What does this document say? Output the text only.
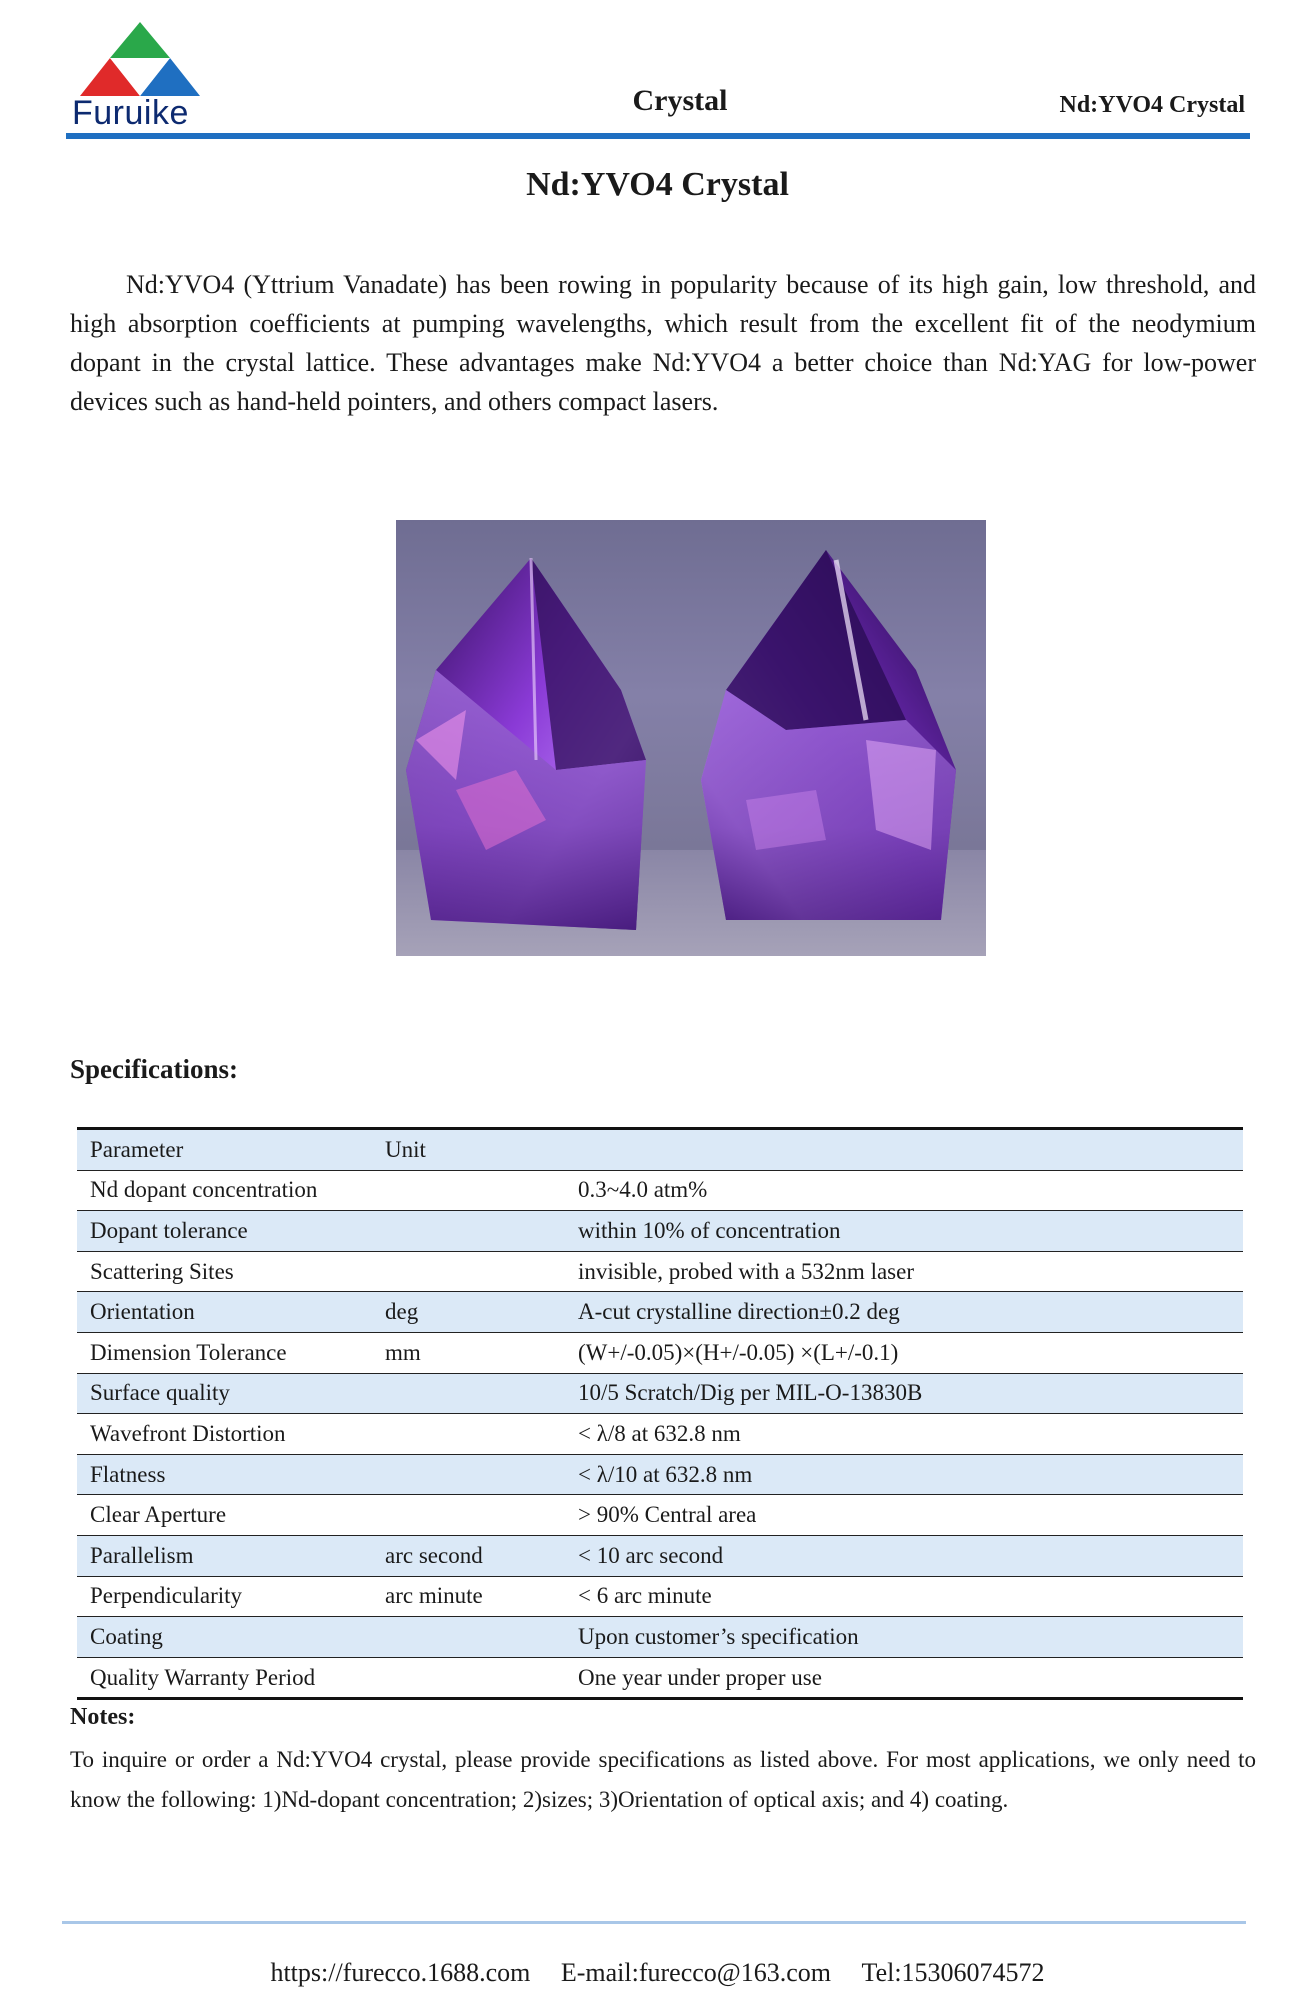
Furuike	Crystal	Nd:YVO4 Crystal
Nd:YVO4 Crystal

Nd:YVO4 (Yttrium Vanadate) has been rowing in popularity because of its high gain, low threshold, and high absorption coefficients at pumping wavelengths, which result from the excellent fit of the neodymium dopant in the crystal lattice. These advantages make Nd:YVO4 a better choice than Nd:YAG for low-power devices such as hand-held pointers, and others compact lasers.

Specifications:
Parameter	Unit	
Nd dopant concentration		0.3~4.0 atm%
Dopant tolerance		within 10% of concentration
Scattering Sites		invisible, probed with a 532nm laser
Orientation	deg	A-cut crystalline direction±0.2 deg
Dimension Tolerance	mm	(W+/-0.05)×(H+/-0.05) ×(L+/-0.1)
Surface quality		10/5 Scratch/Dig per MIL-O-13830B
Wavefront Distortion		< λ/8 at 632.8 nm
Flatness		< λ/10 at 632.8 nm
Clear Aperture		> 90% Central area
Parallelism	arc second	< 10 arc second
Perpendicularity	arc minute	< 6 arc minute
Coating		Upon customer’s specification
Quality Warranty Period		One year under proper use
Notes:

To inquire or order a Nd:YVO4 crystal, please provide specifications as listed above. For most applications, we only need to know the following: 1)Nd-dopant concentration; 2)sizes; 3)Orientation of optical axis; and 4) coating.

https://furecco.1688.com E-mail:furecco@163.com Tel:15306074572
